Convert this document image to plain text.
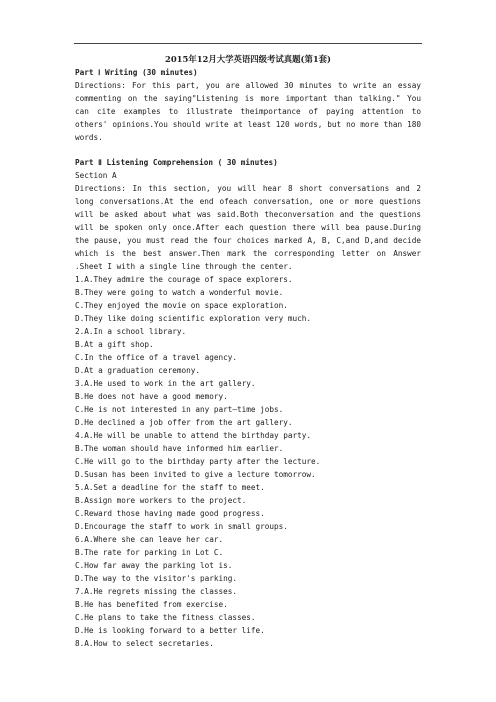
2015年12月大学英语四级考试真题(第1套)

Part Ⅰ Writing (30 minutes)

Directions: For this part, you are allowed 30 minutes to write an essay commenting on the saying"Listening is more important than talking." You can cite examples to illustrate theimportance of paying attention to others' opinions.You should write at least 120 words, but no more than 180 words.

Part Ⅱ Listening Comprehension ( 30 minutes)

Section A

Directions: In this section, you will hear 8 short conversations and 2 long conversations.At the end ofeach conversation, one or more questions will be asked about what was said.Both theconversation and the questions will be spoken only once.After each question there will bea pause.During the pause, you must read the four choices marked A, B, C,and D,and decide which is the best answer.Then mark the corresponding letter on Answer .Sheet I with a single line through the center.

1.A.They admire the courage of space explorers.
B.They were going to watch a wonderful movie.
C.They enjoyed the movie on space exploration.
D.They like doing scientific exploration very much.
2.A.In a school library.
B.At a gift shop.
C.In the office of a travel agency.
D.At a graduation ceremony.
3.A.He used to work in the art gallery.
B.He does not have a good memory.
C.He is not interested in any part—time jobs.
D.He declined a job offer from the art gallery.
4.A.He will be unable to attend the birthday party.
B.The woman should have informed him earlier.
C.He will go to the birthday party after the lecture.
D.Susan has been invited to give a lecture tomorrow.
5.A.Set a deadline for the staff to meet.
B.Assign more workers to the project.
C.Reward those having made good progress.
D.Encourage the staff to work in small groups.
6.A.Where she can leave her car.
B.The rate for parking in Lot C.
C.How far away the parking lot is.
D.The way to the visitor's parking.
7.A.He regrets missing the classes.
B.He has benefited from exercise.
C.He plans to take the fitness classes.
D.He is looking forward to a better life.
8.A.How to select secretaries.
